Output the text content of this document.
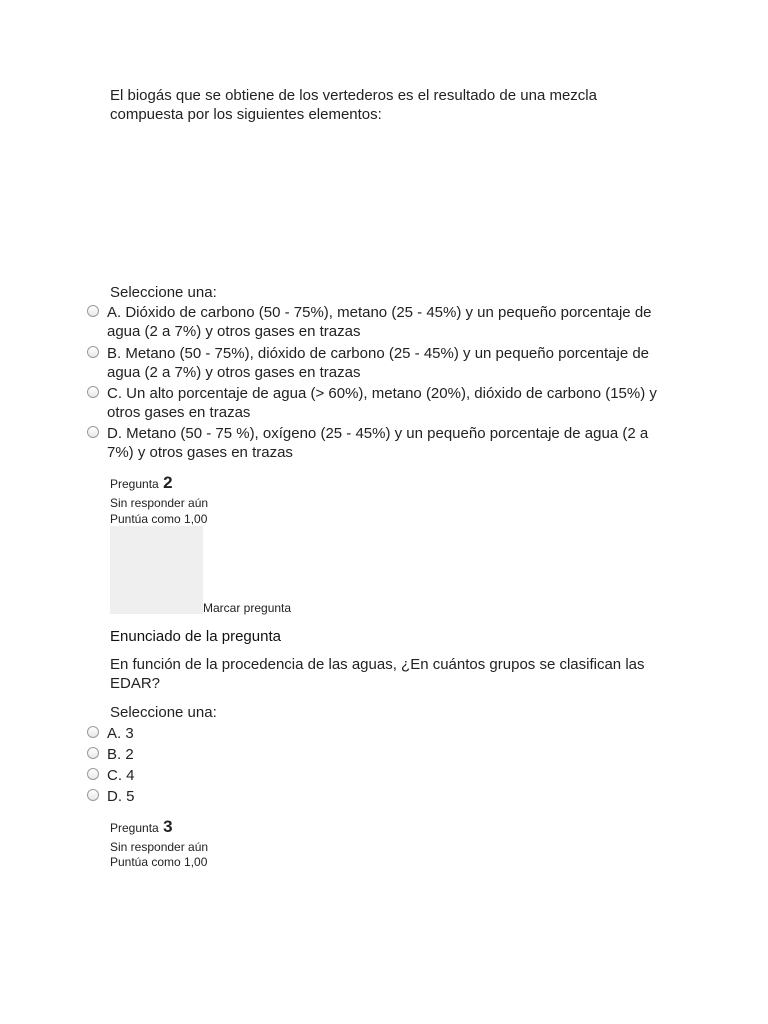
El biogás que se obtiene de los vertederos es el resultado de una mezcla compuesta por los siguientes elementos:
Seleccione una:
A. Dióxido de carbono (50 - 75%), metano (25 - 45%) y un pequeño porcentaje de agua (2 a 7%) y otros gases en trazas
B. Metano (50 - 75%), dióxido de carbono (25 - 45%) y un pequeño porcentaje de agua (2 a 7%) y otros gases en trazas
C. Un alto porcentaje de agua (> 60%), metano (20%), dióxido de carbono (15%) y otros gases en trazas
D. Metano (50 - 75 %), oxígeno (25 - 45%) y un pequeño porcentaje de agua (2 a 7%) y otros gases en trazas
Pregunta 2
Sin responder aún
Puntúa como 1,00
Marcar pregunta
Enunciado de la pregunta
En función de la procedencia de las aguas, ¿En cuántos grupos se clasifican las EDAR?
Seleccione una:
A. 3
B. 2
C. 4
D. 5
Pregunta 3
Sin responder aún
Puntúa como 1,00
